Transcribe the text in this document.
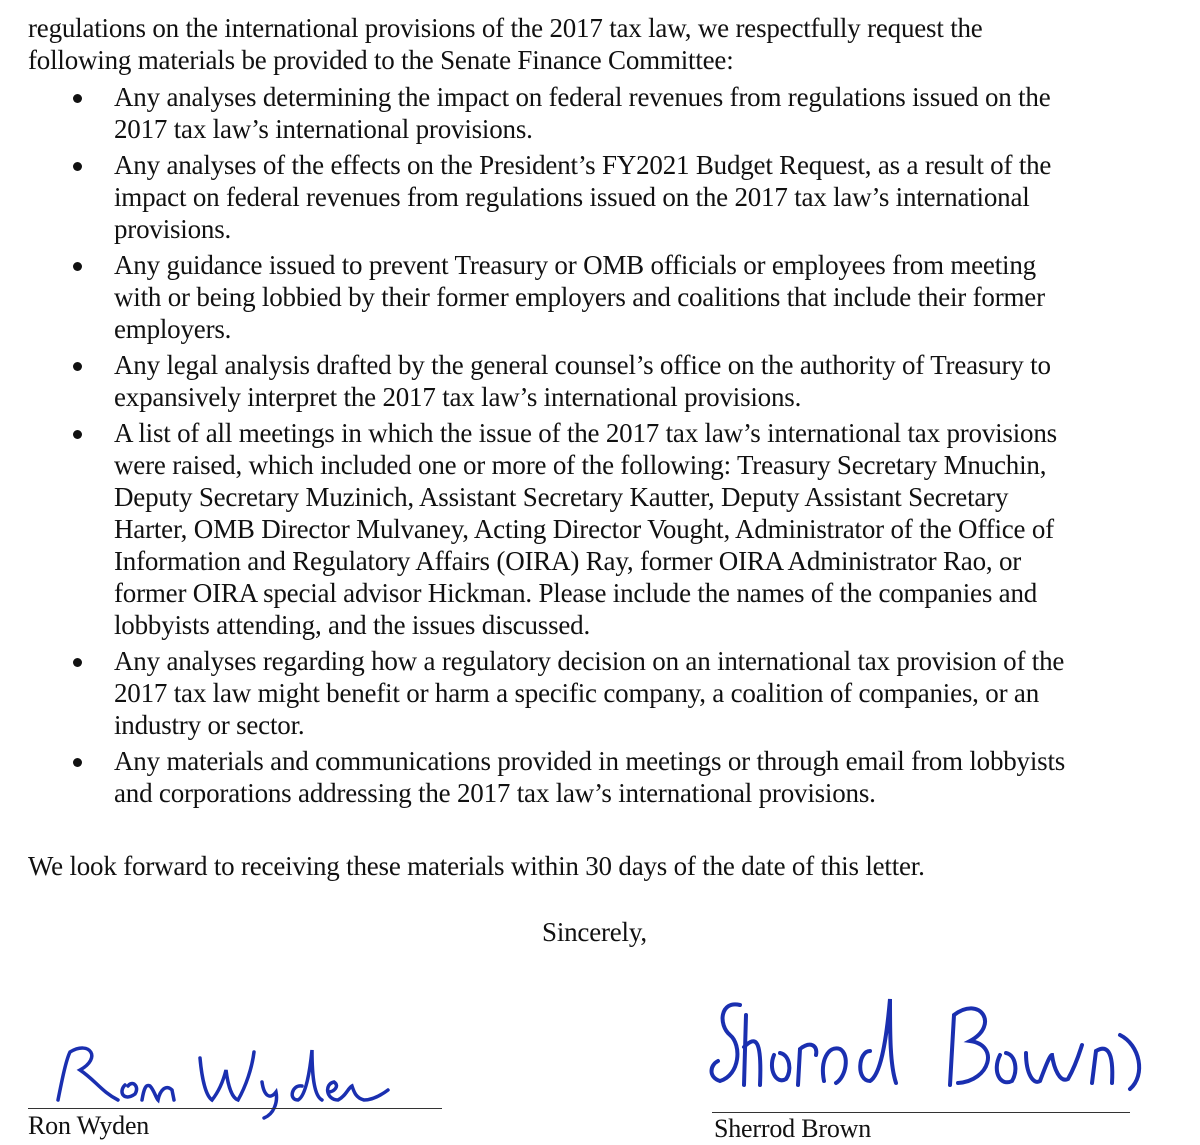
regulations on the international provisions of the 2017 tax law, we respectfully request the
following materials be provided to the Senate Finance Committee:
Any analyses determining the impact on federal revenues from regulations issued on the
2017 tax law’s international provisions.
Any analyses of the effects on the President’s FY2021 Budget Request, as a result of the
impact on federal revenues from regulations issued on the 2017 tax law’s international
provisions.
Any guidance issued to prevent Treasury or OMB officials or employees from meeting
with or being lobbied by their former employers and coalitions that include their former
employers.
Any legal analysis drafted by the general counsel’s office on the authority of Treasury to
expansively interpret the 2017 tax law’s international provisions.
A list of all meetings in which the issue of the 2017 tax law’s international tax provisions
were raised, which included one or more of the following: Treasury Secretary Mnuchin,
Deputy Secretary Muzinich, Assistant Secretary Kautter, Deputy Assistant Secretary
Harter, OMB Director Mulvaney, Acting Director Vought, Administrator of the Office of
Information and Regulatory Affairs (OIRA) Ray, former OIRA Administrator Rao, or
former OIRA special advisor Hickman. Please include the names of the companies and
lobbyists attending, and the issues discussed.
Any analyses regarding how a regulatory decision on an international tax provision of the
2017 tax law might benefit or harm a specific company, a coalition of companies, or an
industry or sector.
Any materials and communications provided in meetings or through email from lobbyists
and corporations addressing the 2017 tax law’s international provisions.
We look forward to receiving these materials within 30 days of the date of this letter.
Sincerely,
Ron Wyden	Sherrod Brown
